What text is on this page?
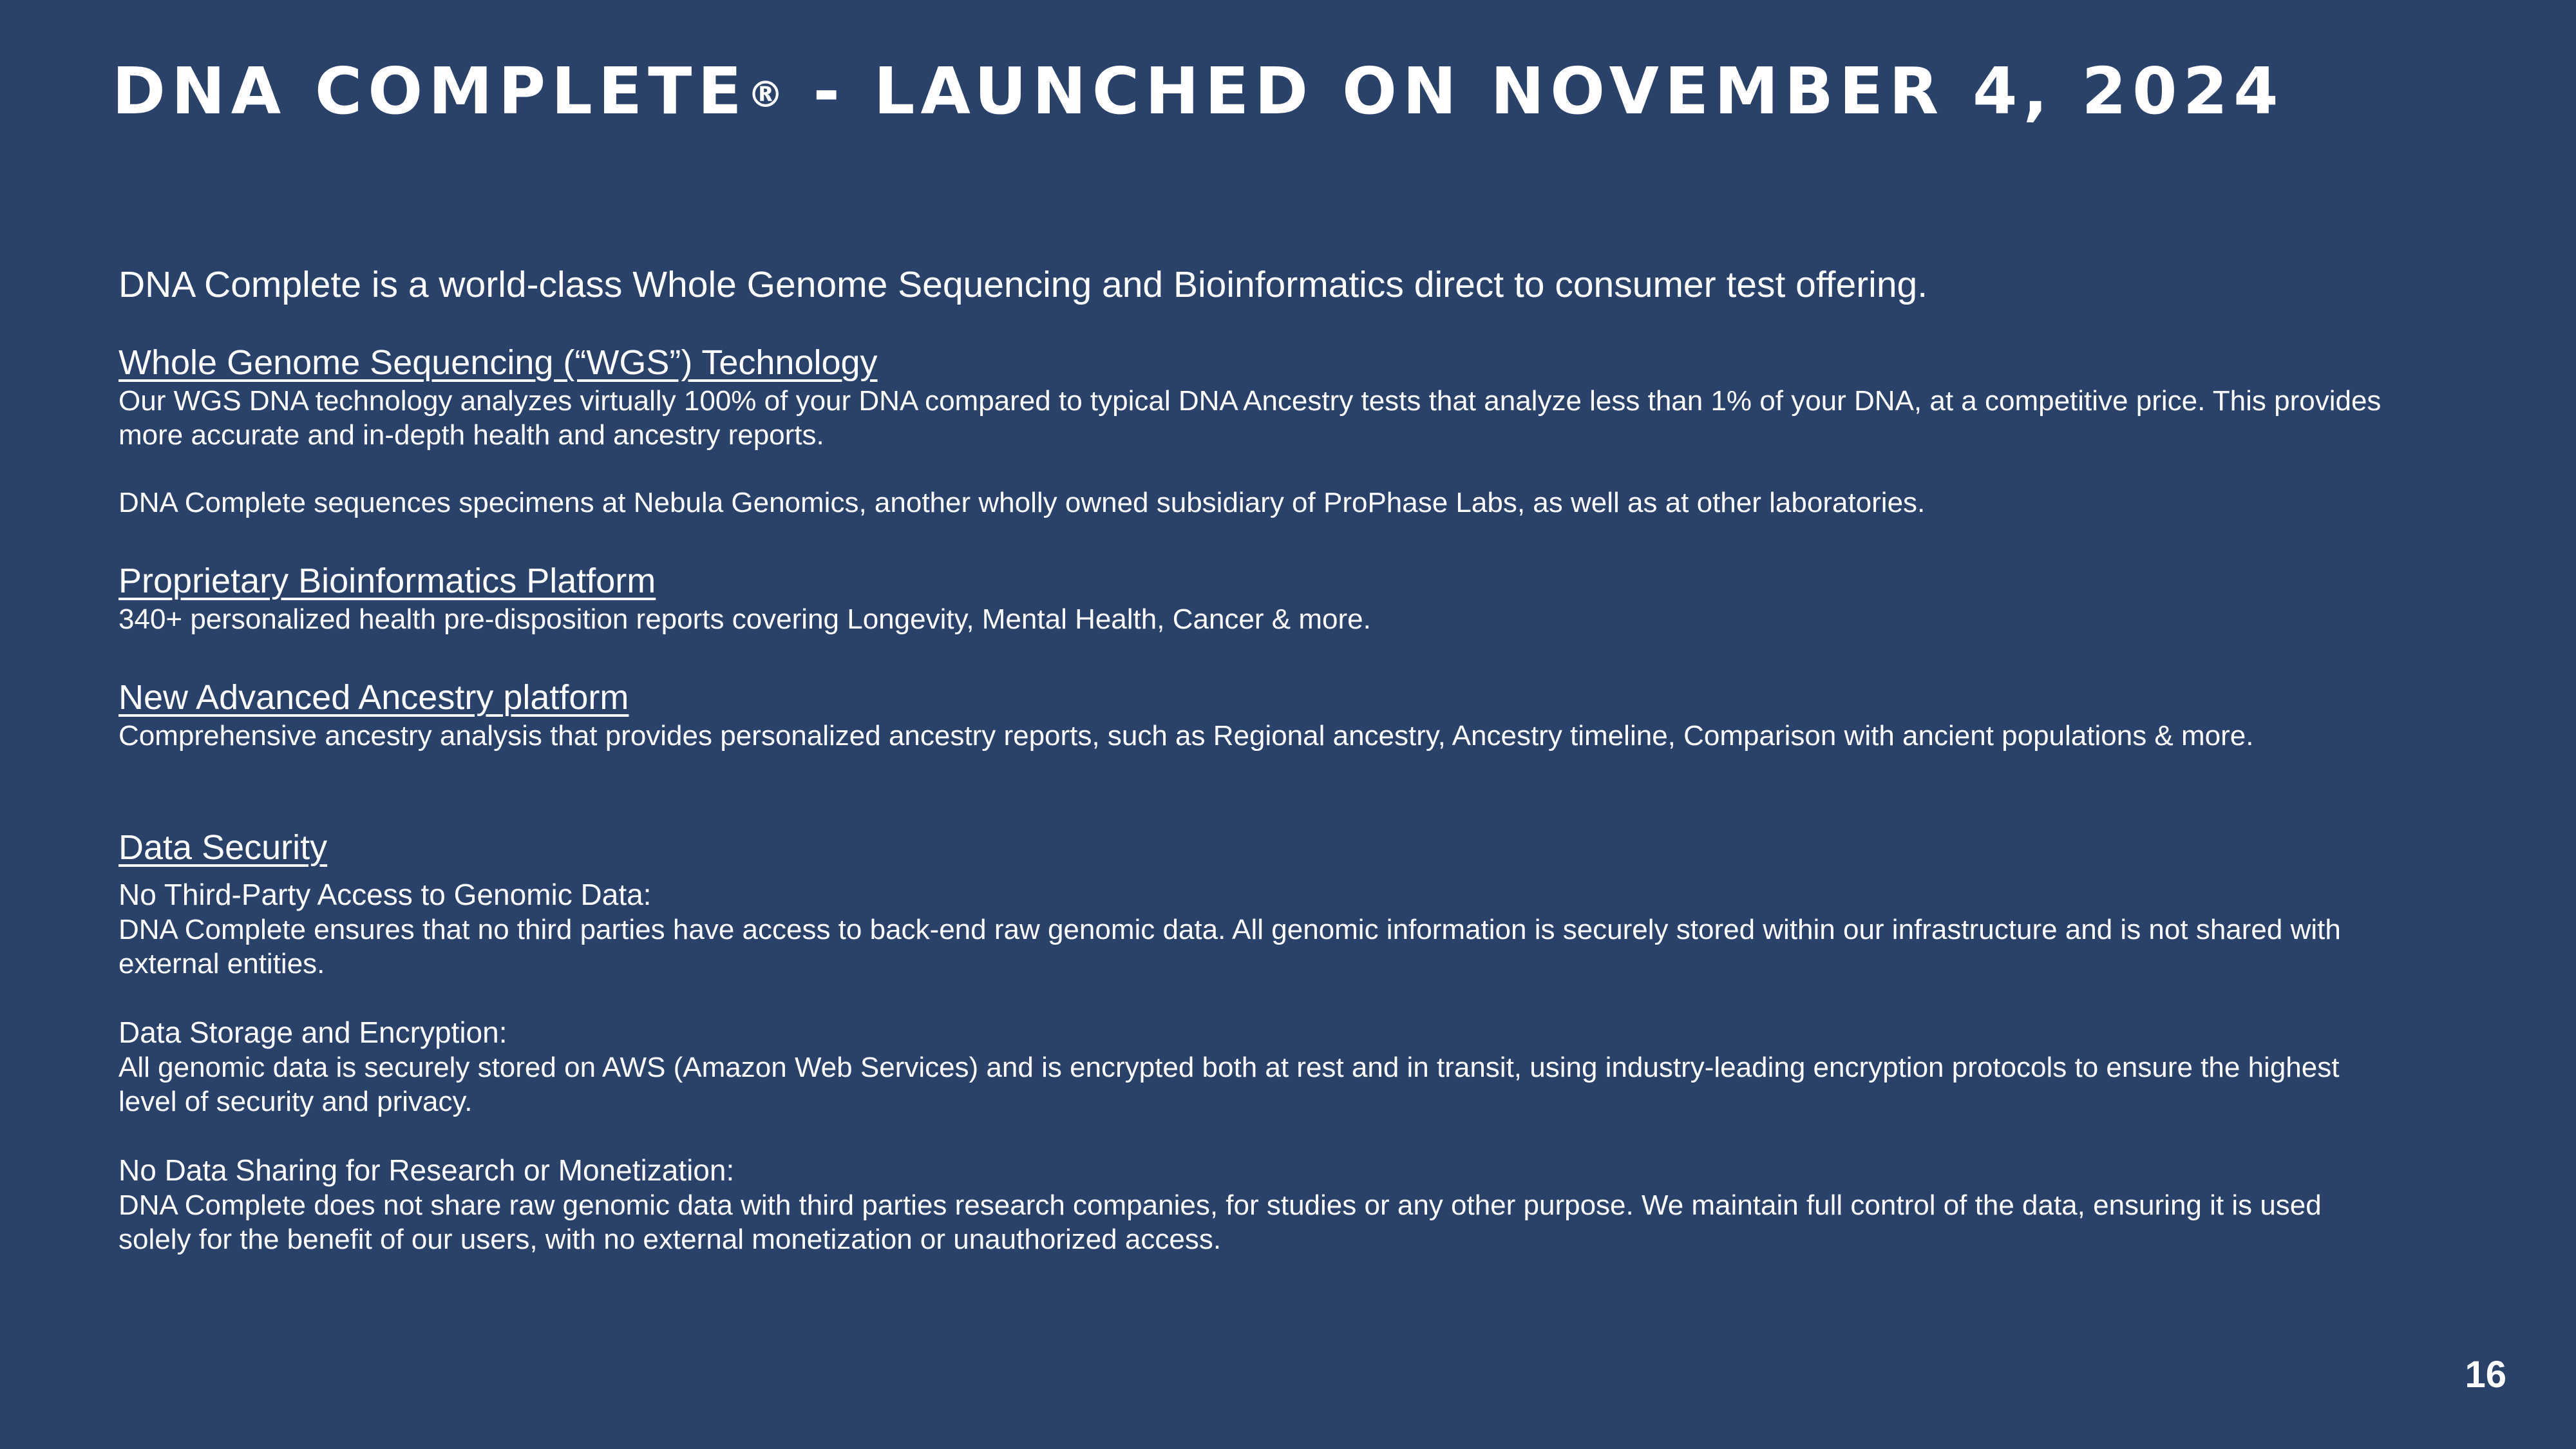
DNA COMPLETE® - LAUNCHED ON NOVEMBER 4, 2024

DNA Complete is a world-class Whole Genome Sequencing and Bioinformatics direct to consumer test offering.

Whole Genome Sequencing (“WGS”) Technology

Our WGS DNA technology analyzes virtually 100% of your DNA compared to typical DNA Ancestry tests that analyze less than 1% of your DNA, at a competitive price. This provides more accurate and in-depth health and ancestry reports.

DNA Complete sequences specimens at Nebula Genomics, another wholly owned subsidiary of ProPhase Labs, as well as at other laboratories.

Proprietary Bioinformatics Platform

340+ personalized health pre-disposition reports covering Longevity, Mental Health, Cancer & more.

New Advanced Ancestry platform

Comprehensive ancestry analysis that provides personalized ancestry reports, such as Regional ancestry, Ancestry timeline, Comparison with ancient populations & more.

Data Security

No Third-Party Access to Genomic Data:

DNA Complete ensures that no third parties have access to back-end raw genomic data. All genomic information is securely stored within our infrastructure and is not shared with external entities.

Data Storage and Encryption:

All genomic data is securely stored on AWS (Amazon Web Services) and is encrypted both at rest and in transit, using industry-leading encryption protocols to ensure the highest level of security and privacy.

No Data Sharing for Research or Monetization:

DNA Complete does not share raw genomic data with third parties research companies, for studies or any other purpose. We maintain full control of the data, ensuring it is used solely for the benefit of our users, with no external monetization or unauthorized access.

16
